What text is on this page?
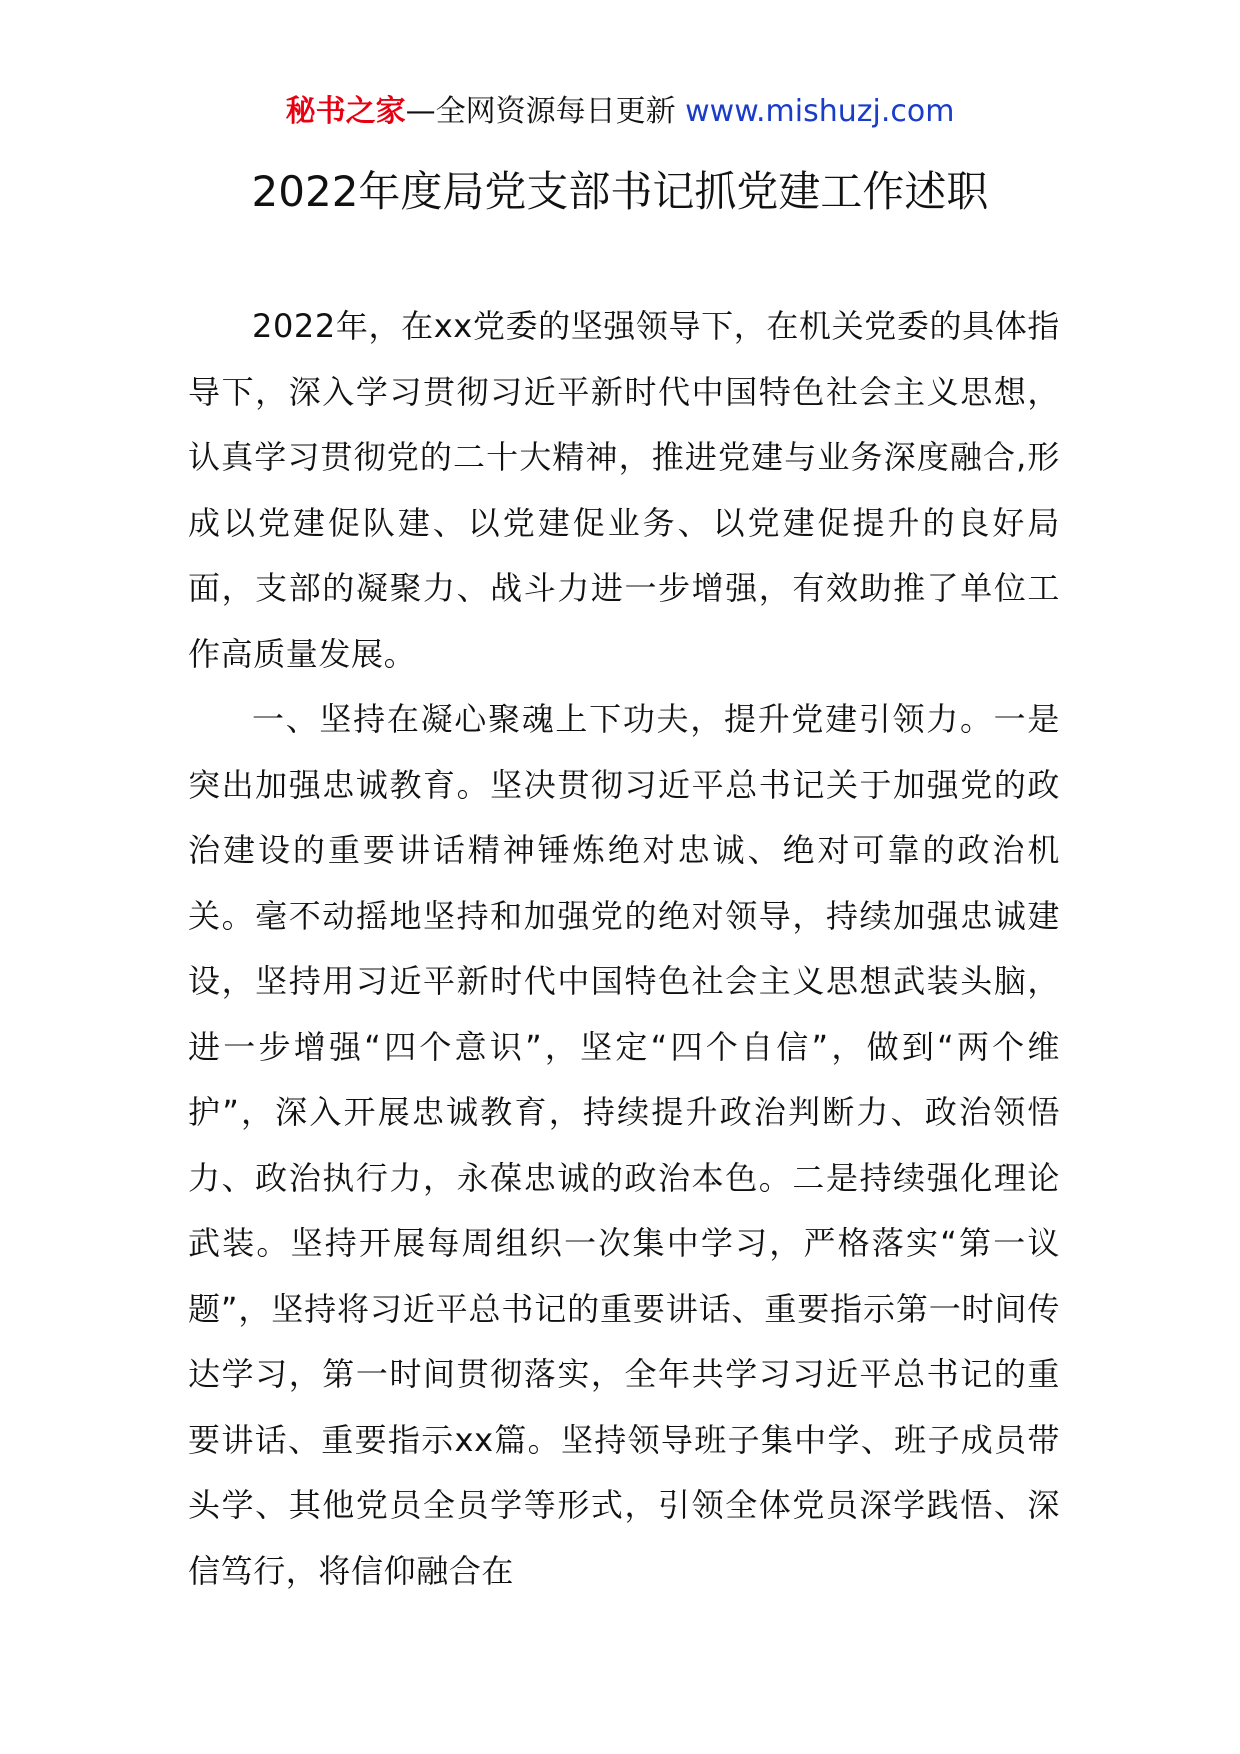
秘书之家—全网资源每日更新 www.mishuzj.com
2022年度局党支部书记抓党建工作述职

2022年，在xx党委的坚强领导下，在机关党委的具体指导下，深入学习贯彻习近平新时代中国特色社会主义思想，认真学习贯彻党的二十大精神，推进党建与业务深度融合,形成以党建促队建、以党建促业务、以党建促提升的良好局面，支部的凝聚力、战斗力进一步增强，有效助推了单位工作高质量发展。

一、坚持在凝心聚魂上下功夫，提升党建引领力。一是突出加强忠诚教育。坚决贯彻习近平总书记关于加强党的政治建设的重要讲话精神锤炼绝对忠诚、绝对可靠的政治机关。毫不动摇地坚持和加强党的绝对领导，持续加强忠诚建设，坚持用习近平新时代中国特色社会主义思想武装头脑，进一步增强“四个意识”，坚定“四个自信”，做到“两个维护”，深入开展忠诚教育，持续提升政治判断力、政治领悟力、政治执行力，永葆忠诚的政治本色。二是持续强化理论武装。坚持开展每周组织一次集中学习，严格落实“第一议题”，坚持将习近平总书记的重要讲话、重要指示第一时间传达学习，第一时间贯彻落实，全年共学习习近平总书记的重要讲话、重要指示xx篇。坚持领导班子集中学、班子成员带头学、其他党员全员学等形式，引领全体党员深学践悟、深信笃行，将信仰融合在
